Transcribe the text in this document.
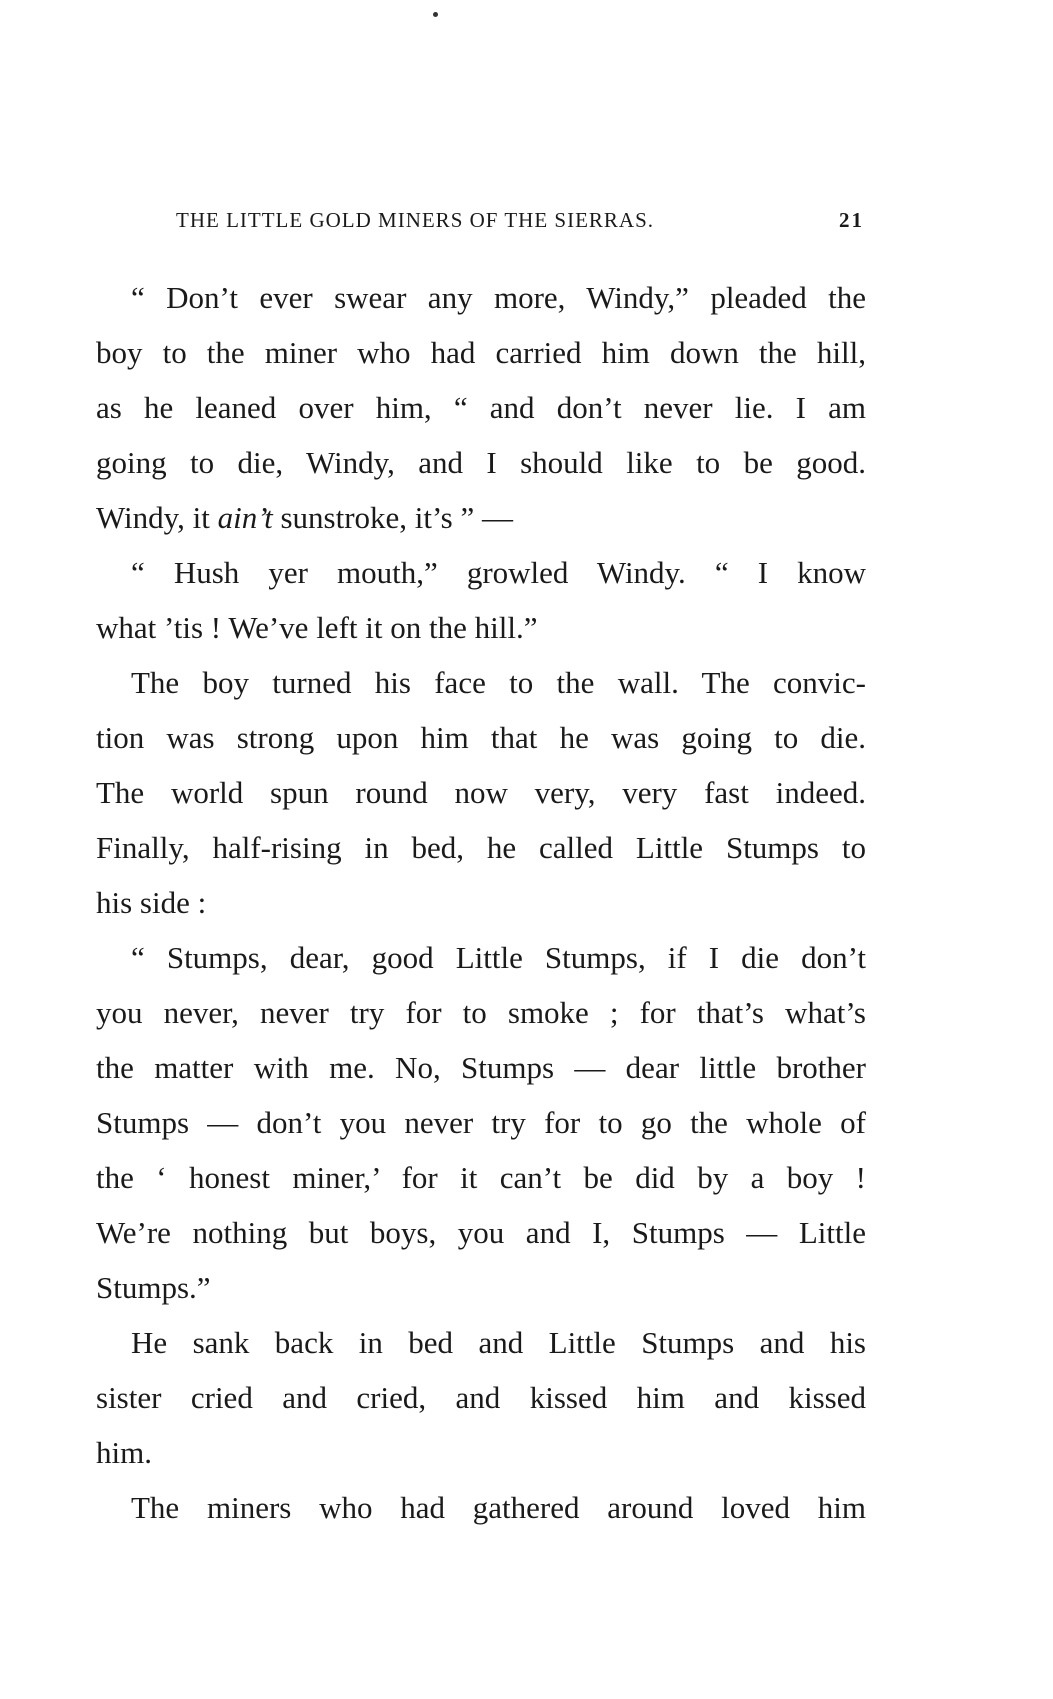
THE LITTLE GOLD MINERS OF THE SIERRAS.	21
“ Don’t ever swear any more, Windy,” pleaded the
boy to the miner who had carried him down the hill,
as he leaned over him, “ and don’t never lie. I am
going to die, Windy, and I should like to be good.
Windy, it ain’t sunstroke, it’s ” —
“ Hush yer mouth,” growled Windy. “ I know
what ’tis ! We’ve left it on the hill.”
The boy turned his face to the wall. The convic-
tion was strong upon him that he was going to die.
The world spun round now very, very fast indeed.
Finally, half-rising in bed, he called Little Stumps to
his side :
“ Stumps, dear, good Little Stumps, if I die don’t
you never, never try for to smoke ; for that’s what’s
the matter with me. No, Stumps — dear little brother
Stumps — don’t you never try for to go the whole of
the ‘ honest miner,’ for it can’t be did by a boy !
We’re nothing but boys, you and I, Stumps — Little
Stumps.”
He sank back in bed and Little Stumps and his
sister cried and cried, and kissed him and kissed
him.
The miners who had gathered around loved him
